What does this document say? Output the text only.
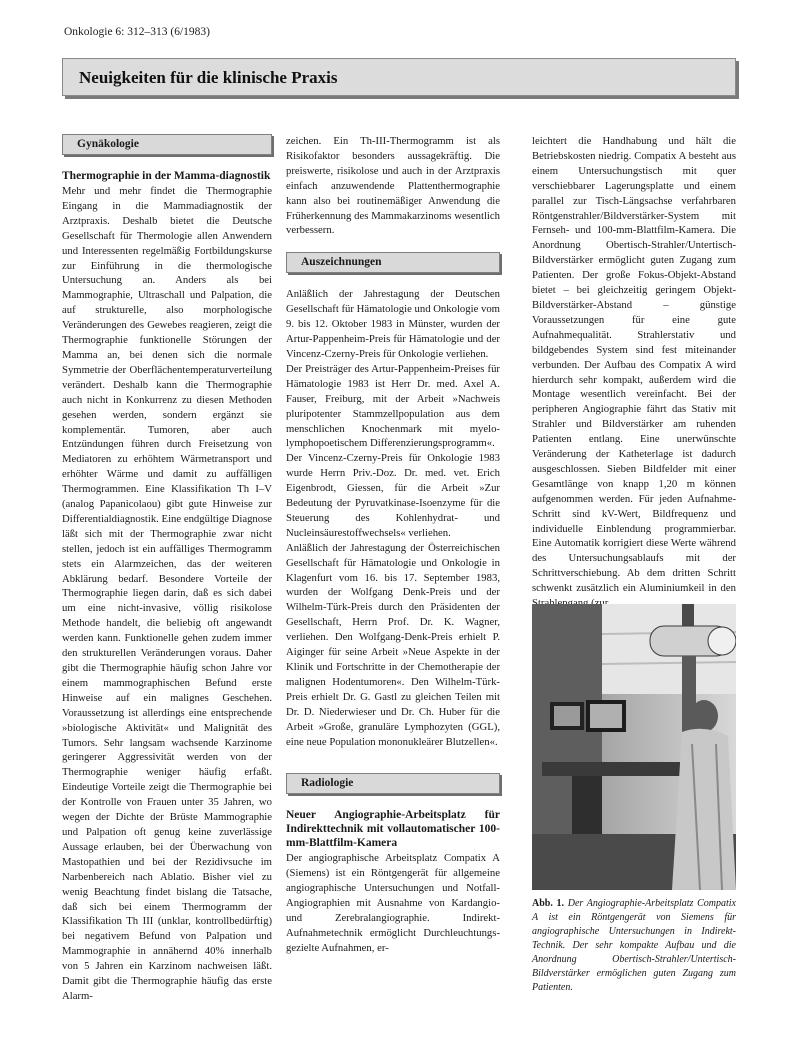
Onkologie 6: 312–313 (6/1983)
Neuigkeiten für die klinische Praxis
Gynäkologie
Thermographie in der Mamma-diagnostik

Mehr und mehr findet die Thermographie Eingang in die Mammadiagnostik der Arztpraxis. Deshalb bietet die Deutsche Gesellschaft für Thermologie allen Anwendern und Interessenten regelmäßig Fortbildungskurse zur Einführung in die thermologische Untersuchung an. Anders als bei Mammographie, Ultraschall und Palpation, die auf strukturelle, also morphologische Veränderungen des Gewebes reagieren, zeigt die Thermographie funktionelle Störungen der Mamma an, bei denen sich die normale Symmetrie der Oberflächentemperaturverteilung verändert. Deshalb kann die Thermographie auch nicht in Konkurrenz zu diesen Methoden gesehen werden, sondern ergänzt sie komplementär. Tumoren, aber auch Entzündungen führen durch Freisetzung von Mediatoren zu erhöhtem Wärmetransport und erhöhter Wärme und damit zu auffälligen Thermogrammen. Eine Klassifikation Th I–V (analog Papanicolaou) gibt gute Hinweise zur Differentialdiagnostik. Eine endgültige Diagnose läßt sich mit der Thermographie zwar nicht stellen, jedoch ist ein auffälliges Thermogramm stets ein Alarmzeichen, das der weiteren Abklärung bedarf. Besondere Vorteile der Thermographie liegen darin, daß es sich dabei um eine nicht-invasive, völlig risikolose Methode handelt, die beliebig oft angewandt werden kann. Funktionelle gehen zudem immer den strukturellen Veränderungen voraus. Daher gibt die Thermographie häufig schon Jahre vor einem mammographischen Befund erste Hinweise auf ein malignes Geschehen. Voraussetzung ist allerdings eine entsprechende »biologische Aktivität« und Malignität des Tumors. Sehr langsam wachsende Karzinome geringerer Aggressivität werden von der Thermographie weniger häufig erfaßt. Eindeutige Vorteile zeigt die Thermographie bei der Kontrolle von Frauen unter 35 Jahren, wo wegen der Dichte der Brüste Mammographie und Palpation oft genug keine zuverlässige Aussage erlauben, bei der Überwachung von Mastopathien und bei der Rezidivsuche im Narbenbereich nach Ablatio. Bisher viel zu wenig Beachtung findet bislang die Tatsache, daß sich bei einem Thermogramm der Klassifikation Th III (unklar, kontrollbedürftig) bei negativem Befund von Palpation und Mammographie in annähernd 40% innerhalb von 5 Jahren ein Karzinom nachweisen läßt. Damit gibt die Thermographie häufig das erste Alarm-

zeichen. Ein Th-III-Thermogramm ist als Risikofaktor besonders aussagekräftig. Die preiswerte, risikolose und auch in der Arztpraxis einfach anzuwendende Plattenthermographie kann also bei routinemäßiger Anwendung die Früherkennung des Mammakarzinoms wesentlich verbessern.

Auszeichnungen

Anläßlich der Jahrestagung der Deutschen Gesellschaft für Hämatologie und Onkologie vom 9. bis 12. Oktober 1983 in Münster, wurden der Artur-Pappenheim-Preis für Hämatologie und der Vincenz-Czerny-Preis für Onkologie verliehen.

Der Preisträger des Artur-Pappenheim-Preises für Hämatologie 1983 ist Herr Dr. med. Axel A. Fauser, Freiburg, mit der Arbeit »Nachweis pluripotenter Stammzellpopulation aus dem menschlichen Knochenmark mit myelo-lymphopoetischem Differenzierungsprogramm«.

Der Vincenz-Czerny-Preis für Onkologie 1983 wurde Herrn Priv.-Doz. Dr. med. vet. Erich Eigenbrodt, Giessen, für die Arbeit »Zur Bedeutung der Pyruvatkinase-Isoenzyme für die Steuerung des Kohlenhydrat- und Nucleinsäurestoffwechsels« verliehen.

Anläßlich der Jahrestagung der Österreichischen Gesellschaft für Hämatologie und Onkologie in Klagenfurt vom 16. bis 17. September 1983, wurden der Wolfgang Denk-Preis und der Wilhelm-Türk-Preis durch den Präsidenten der Gesellschaft, Herrn Prof. Dr. K. Wagner, verliehen. Den Wolfgang-Denk-Preis erhielt P. Aiginger für seine Arbeit »Neue Aspekte in der Klinik und Fortschritte in der Chemotherapie der malignen Hodentumoren«. Den Wilhelm-Türk-Preis erhielt Dr. G. Gastl zu gleichen Teilen mit Dr. D. Niederwieser und Dr. Ch. Huber für die Arbeit »Große, granuläre Lymphozyten (GGL), eine neue Population mononukleärer Blutzellen«.

Radiologie
Neuer Angiographie-Arbeitsplatz für Indirekttechnik mit vollautomatischer 100-mm-Blattfilm-Kamera

Der angiographische Arbeitsplatz Compatix A (Siemens) ist ein Röntgengerät für allgemeine angiographische Untersuchungen und Notfall-Angiographien mit Ausnahme von Kardangio- und Zerebralangiographie. Indirekt-Aufnahmetechnik ermöglicht Durchleuchtungs-gezielte Aufnahmen, er-

leichtert die Handhabung und hält die Betriebskosten niedrig. Compatix A besteht aus einem Untersuchungstisch mit quer verschiebbarer Lagerungsplatte und einem parallel zur Tisch-Längsachse verfahrbaren Röntgenstrahler/Bildverstärker-System mit Fernseh- und 100-mm-Blattfilm-Kamera. Die Anordnung Obertisch-Strahler/Untertisch-Bildverstärker ermöglicht guten Zugang zum Patienten. Der große Fokus-Objekt-Abstand bietet – bei gleichzeitig geringem Objekt-Bildverstärker-Abstand – günstige Voraussetzungen für eine gute Aufnahmequalität. Strahlerstativ und bildgebendes System sind fest miteinander verbunden. Der Aufbau des Compatix A wird hierdurch sehr kompakt, außerdem wird die Montage wesentlich vereinfacht. Bei der peripheren Angiographie fährt das Stativ mit Strahler und Bildverstärker am ruhenden Patienten entlang. Eine unerwünschte Veränderung der Katheterlage ist dadurch ausgeschlossen. Sieben Bildfelder mit einer Gesamtlänge von knapp 1,20 m können aufgenommen werden. Für jeden Aufnahme-Schritt sind kV-Wert, Bildfrequenz und individuelle Einblendung programmierbar. Eine Automatik korrigiert diese Werte während des Untersuchungsablaufs mit der Schrittverschiebung. Ab dem dritten Schritt schwenkt zusätzlich ein Aluminiumkeil in den

Abb. 1. Der Angiographie-Arbeitsplatz Compatix A ist ein Röntgengerät von Siemens für angiographische Untersuchungen in Indirekt-Technik. Der sehr kompakte Aufbau und die Anordnung Obertisch-Strahler/Untertisch-Bildverstärker ermöglichen guten Zugang zum Patienten.
